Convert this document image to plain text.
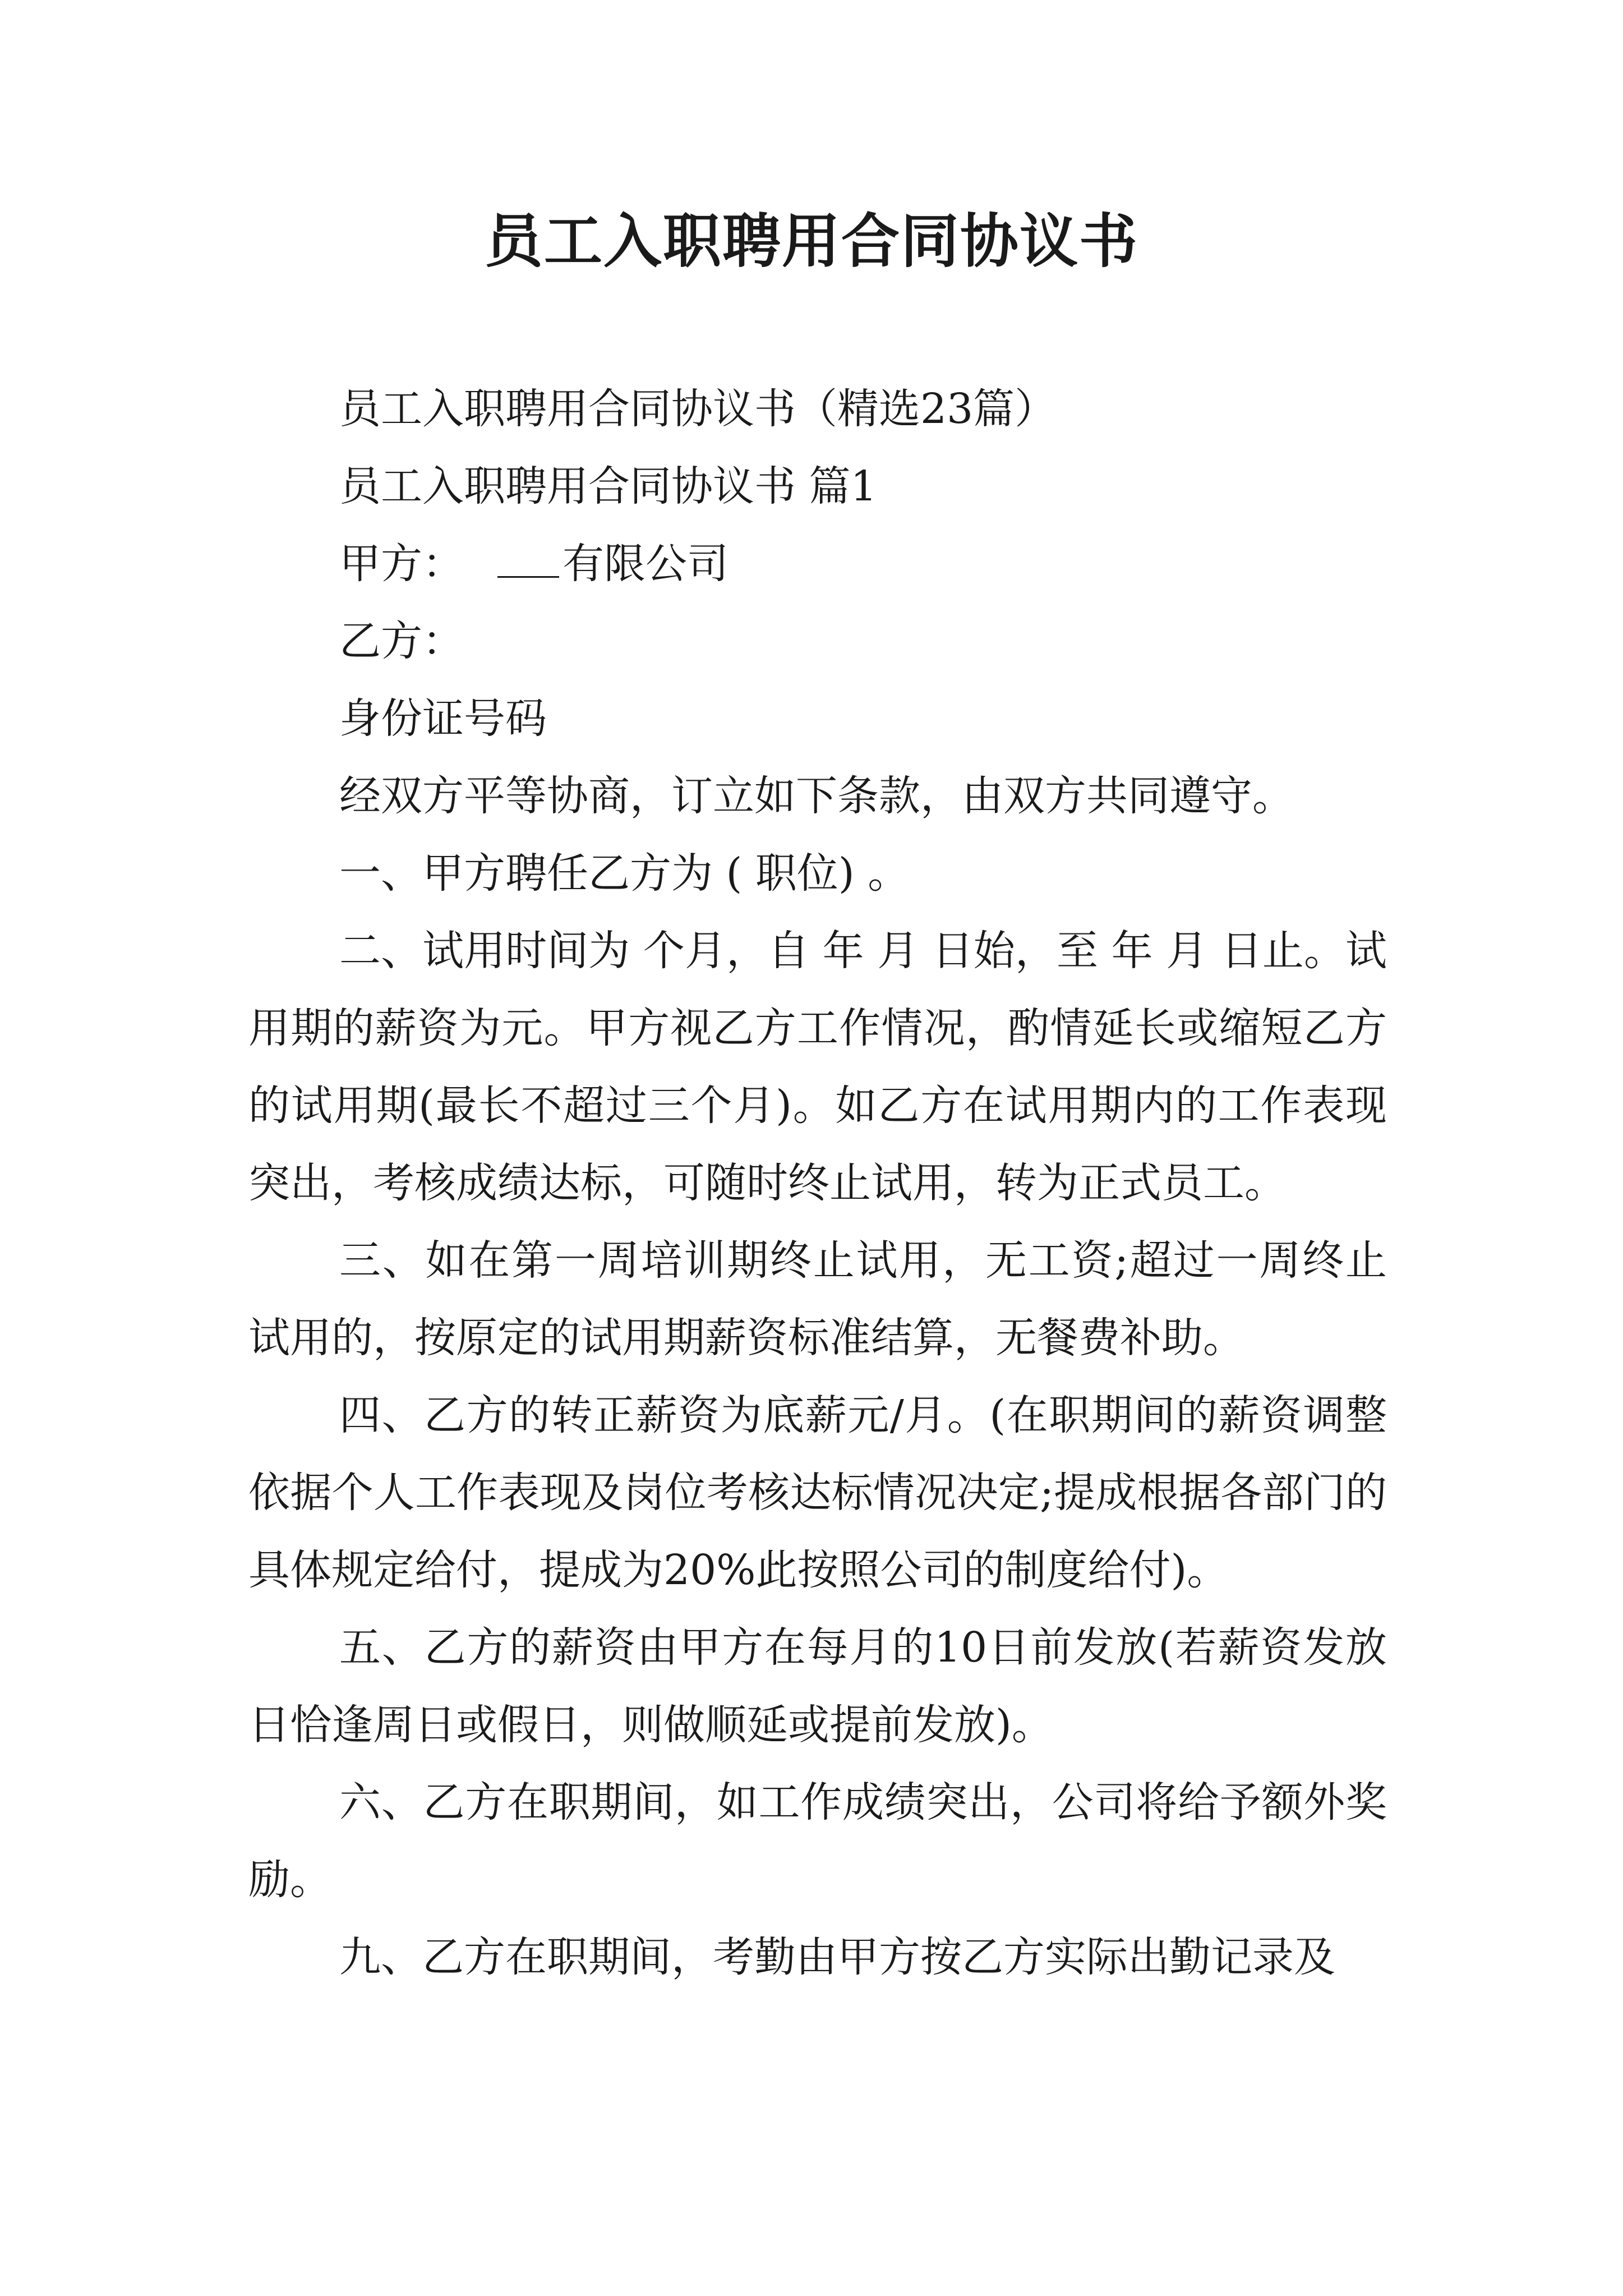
员工入职聘用合同协议书

员工入职聘用合同协议书（精选23篇）

员工入职聘用合同协议书 篇1

甲方： 有限公司

乙方：

身份证号码

经双方平等协商，订立如下条款，由双方共同遵守。

一、甲方聘任乙方为 ( 职位) 。

二、试用时间为 个月，自 年 月 日始，至 年 月 日止。试用期的薪资为元。甲方视乙方工作情况，酌情延长或缩短乙方的试用期(最长不超过三个月)。如乙方在试用期内的工作表现突出，考核成绩达标，可随时终止试用，转为正式员工。

三、如在第一周培训期终止试用，无工资;超过一周终止试用的，按原定的试用期薪资标准结算，无餐费补助。

四、乙方的转正薪资为底薪元/月。(在职期间的薪资调整依据个人工作表现及岗位考核达标情况决定;提成根据各部门的具体规定给付，提成为20%此按照公司的制度给付)。

五、乙方的薪资由甲方在每月的10日前发放(若薪资发放日恰逢周日或假日，则做顺延或提前发放)。

六、乙方在职期间，如工作成绩突出，公司将给予额外奖励。

九、乙方在职期间，考勤由甲方按乙方实际出勤记录及
